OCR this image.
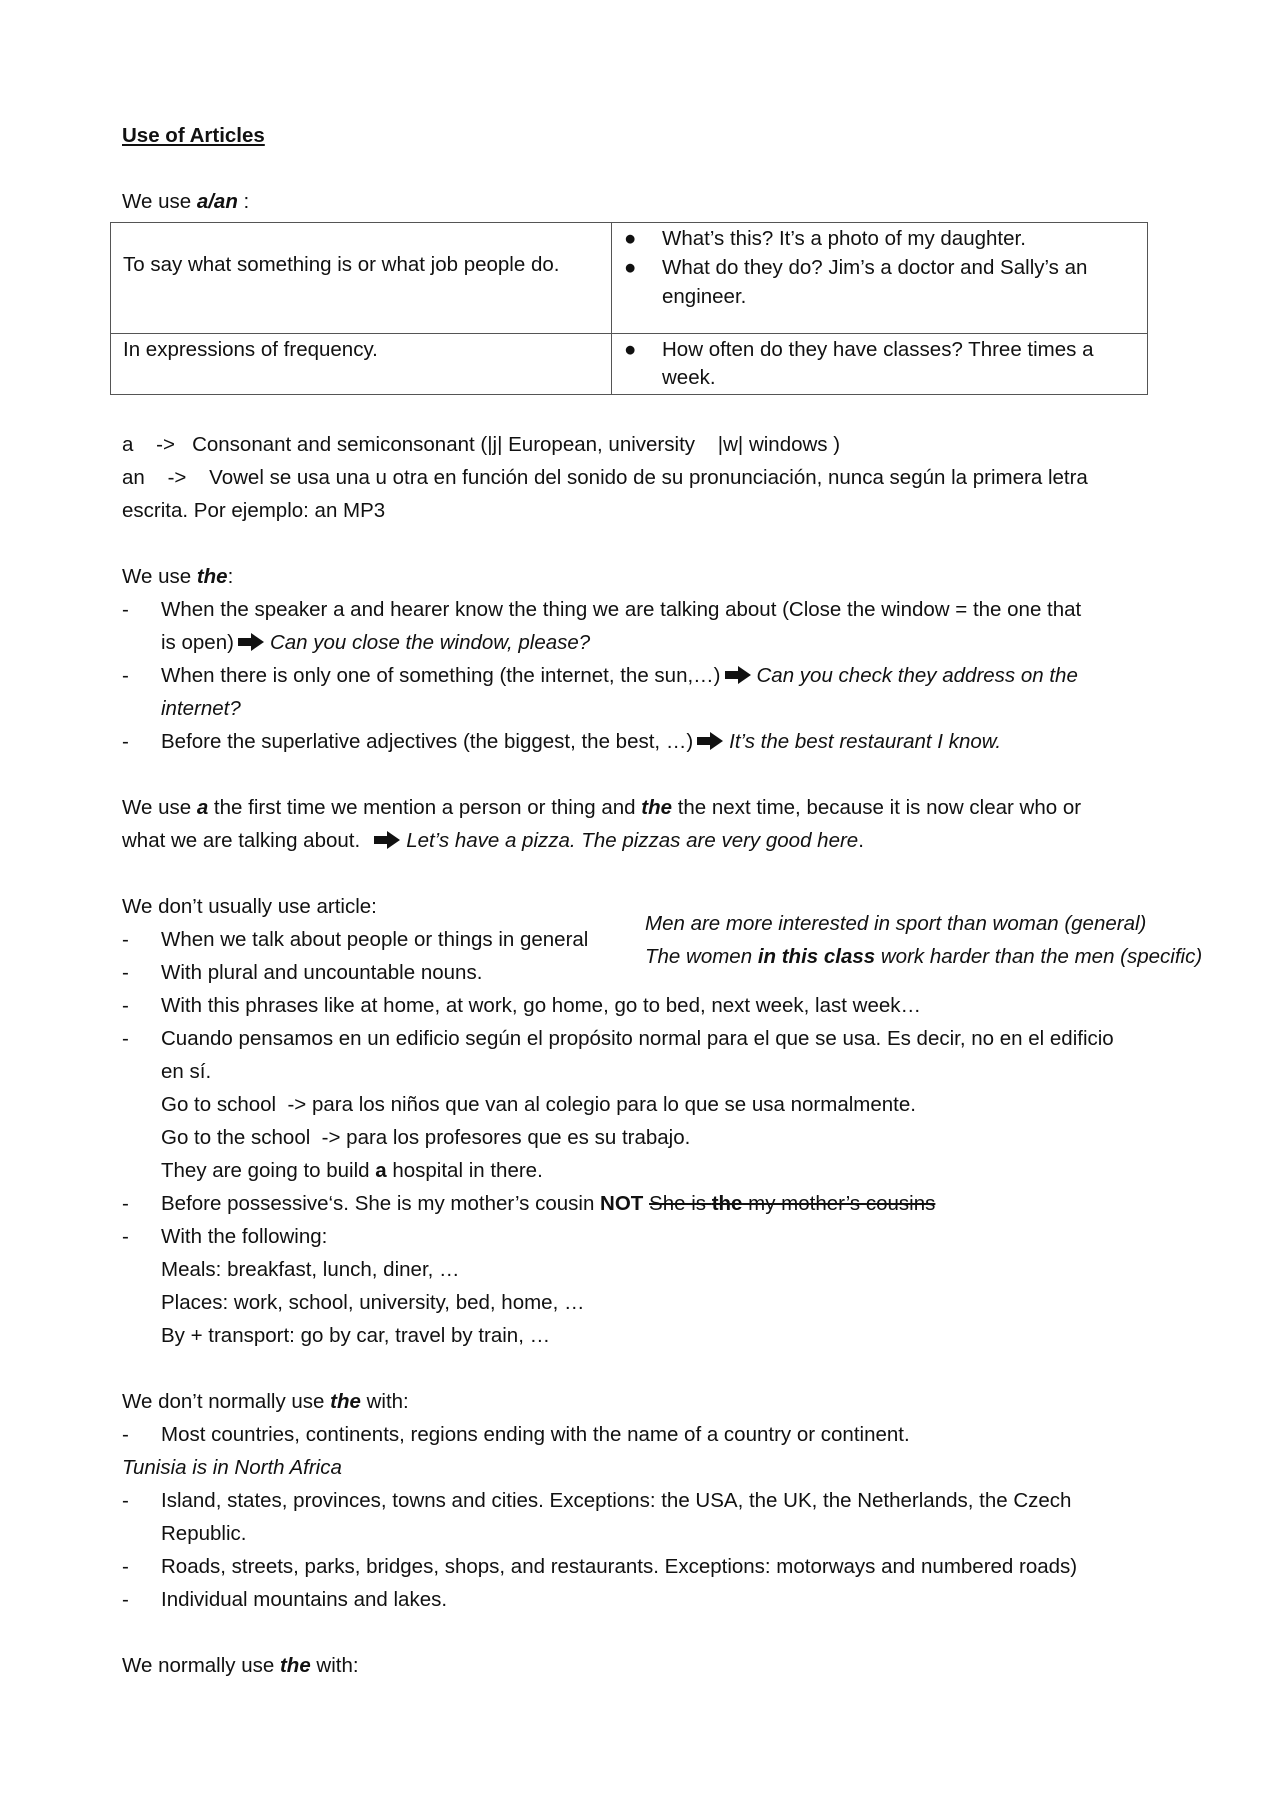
Use of Articles
We use a/an :
To say what something is or what job people do.	● What’s this? It’s a photo of my daughter.
● What do they do? Jim’s a doctor and Sally’s an
engineer.

In expressions of frequency.	● How often do they have classes? Three times a
week.
a    ->   Consonant and semiconsonant (|j| European, university    |w| windows )
an    ->    Vowel se usa una u otra en función del sonido de su pronunciación, nunca según la primera letra
escrita. Por ejemplo: an MP3
We use the:
- When the speaker a and hearer know the thing we are talking about (Close the window = the one that
is open) Can you close the window, please?
- When there is only one of something (the internet, the sun,…) Can you check they address on the
internet?
- Before the superlative adjectives (the biggest, the best, …) It’s the best restaurant I know.
We use a the first time we mention a person or thing and the the next time, because it is now clear who or
what we are talking about. Let’s have a pizza. The pizzas are very good here.
We don’t usually use article:
Men are more interested in sport than woman (general)
The women in this class work harder than the men (specific)
- When we talk about people or things in general
- With plural and uncountable nouns.
- With this phrases like at home, at work, go home, go to bed, next week, last week…
- Cuando pensamos en un edificio según el propósito normal para el que se usa. Es decir, no en el edificio
en sí.
Go to school  -> para los niños que van al colegio para lo que se usa normalmente.
Go to the school  -> para los profesores que es su trabajo.
They are going to build a hospital in there.
- Before possessive‘s. She is my mother’s cousin NOT She is the my mother’s cousins
- With the following:
Meals: breakfast, lunch, diner, …
Places: work, school, university, bed, home, …
By + transport: go by car, travel by train, …
We don’t normally use the with:
- Most countries, continents, regions ending with the name of a country or continent.
Tunisia is in North Africa
- Island, states, provinces, towns and cities. Exceptions: the USA, the UK, the Netherlands, the Czech
Republic.
- Roads, streets, parks, bridges, shops, and restaurants. Exceptions: motorways and numbered roads)
- Individual mountains and lakes.
We normally use the with:
